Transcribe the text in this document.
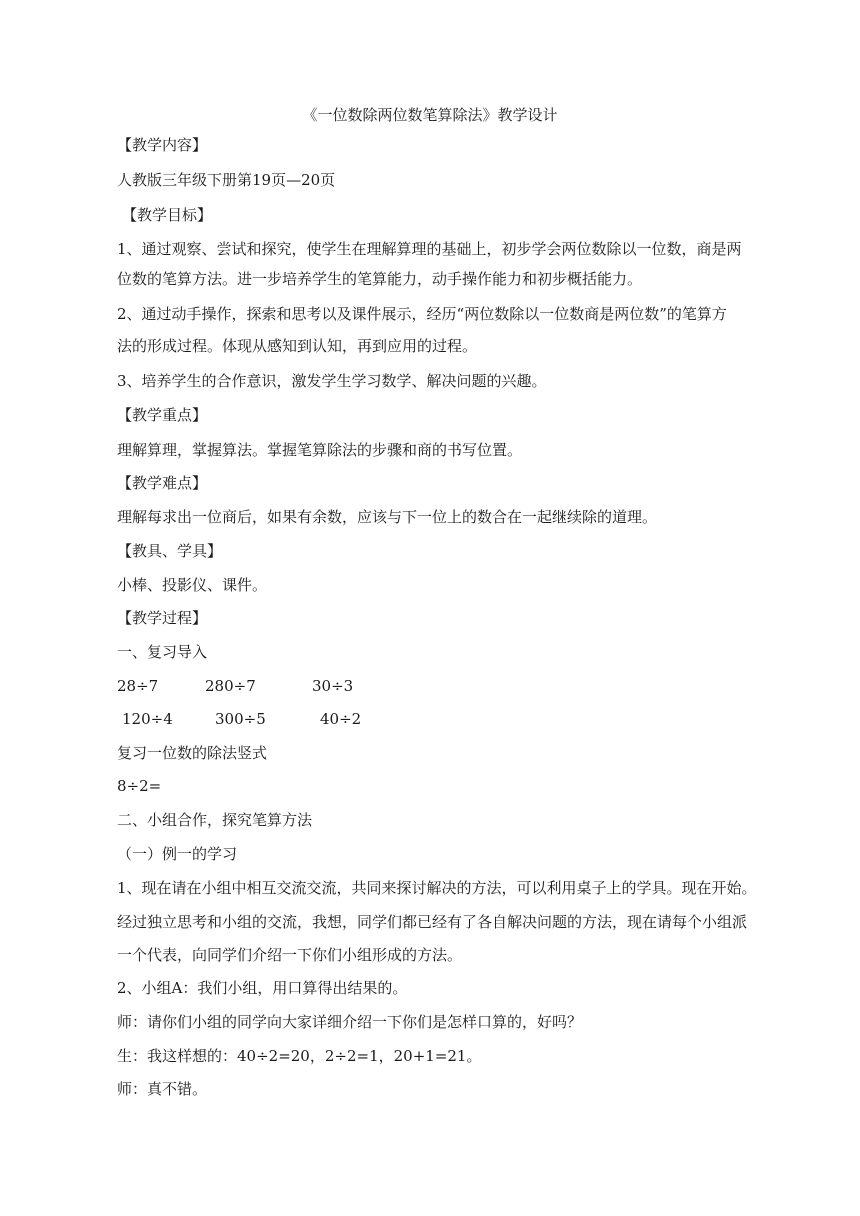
《一位数除两位数笔算除法》教学设计
【教学内容】
人教版三年级下册第19页—20页
【教学目标】
1、通过观察、尝试和探究，使学生在理解算理的基础上，初步学会两位数除以一位数，商是两
位数的笔算方法。进一步培养学生的笔算能力，动手操作能力和初步概括能力。
2、通过动手操作，探索和思考以及课件展示，经历“两位数除以一位数商是两位数”的笔算方
法的形成过程。体现从感知到认知，再到应用的过程。
3、培养学生的合作意识，激发学生学习数学、解决问题的兴趣。
【教学重点】
理解算理，掌握算法。掌握笔算除法的步骤和商的书写位置。
【教学难点】
理解每求出一位商后，如果有余数，应该与下一位上的数合在一起继续除的道理。
【教具、学具】
小棒、投影仪、课件。
【教学过程】
一、复习导入
28÷7	280÷7	30÷3
120÷4	300÷5	40÷2
复习一位数的除法竖式
8÷2=
二、小组合作，探究笔算方法
（一）例一的学习
1、现在请在小组中相互交流交流，共同来探讨解决的方法，可以利用桌子上的学具。现在开始。
经过独立思考和小组的交流，我想，同学们都已经有了各自解决问题的方法，现在请每个小组派
一个代表，向同学们介绍一下你们小组形成的方法。
2、小组A：我们小组，用口算得出结果的。
师：请你们小组的同学向大家详细介绍一下你们是怎样口算的，好吗？
生：我这样想的：40÷2=20，2÷2=1，20+1=21。
师：真不错。
